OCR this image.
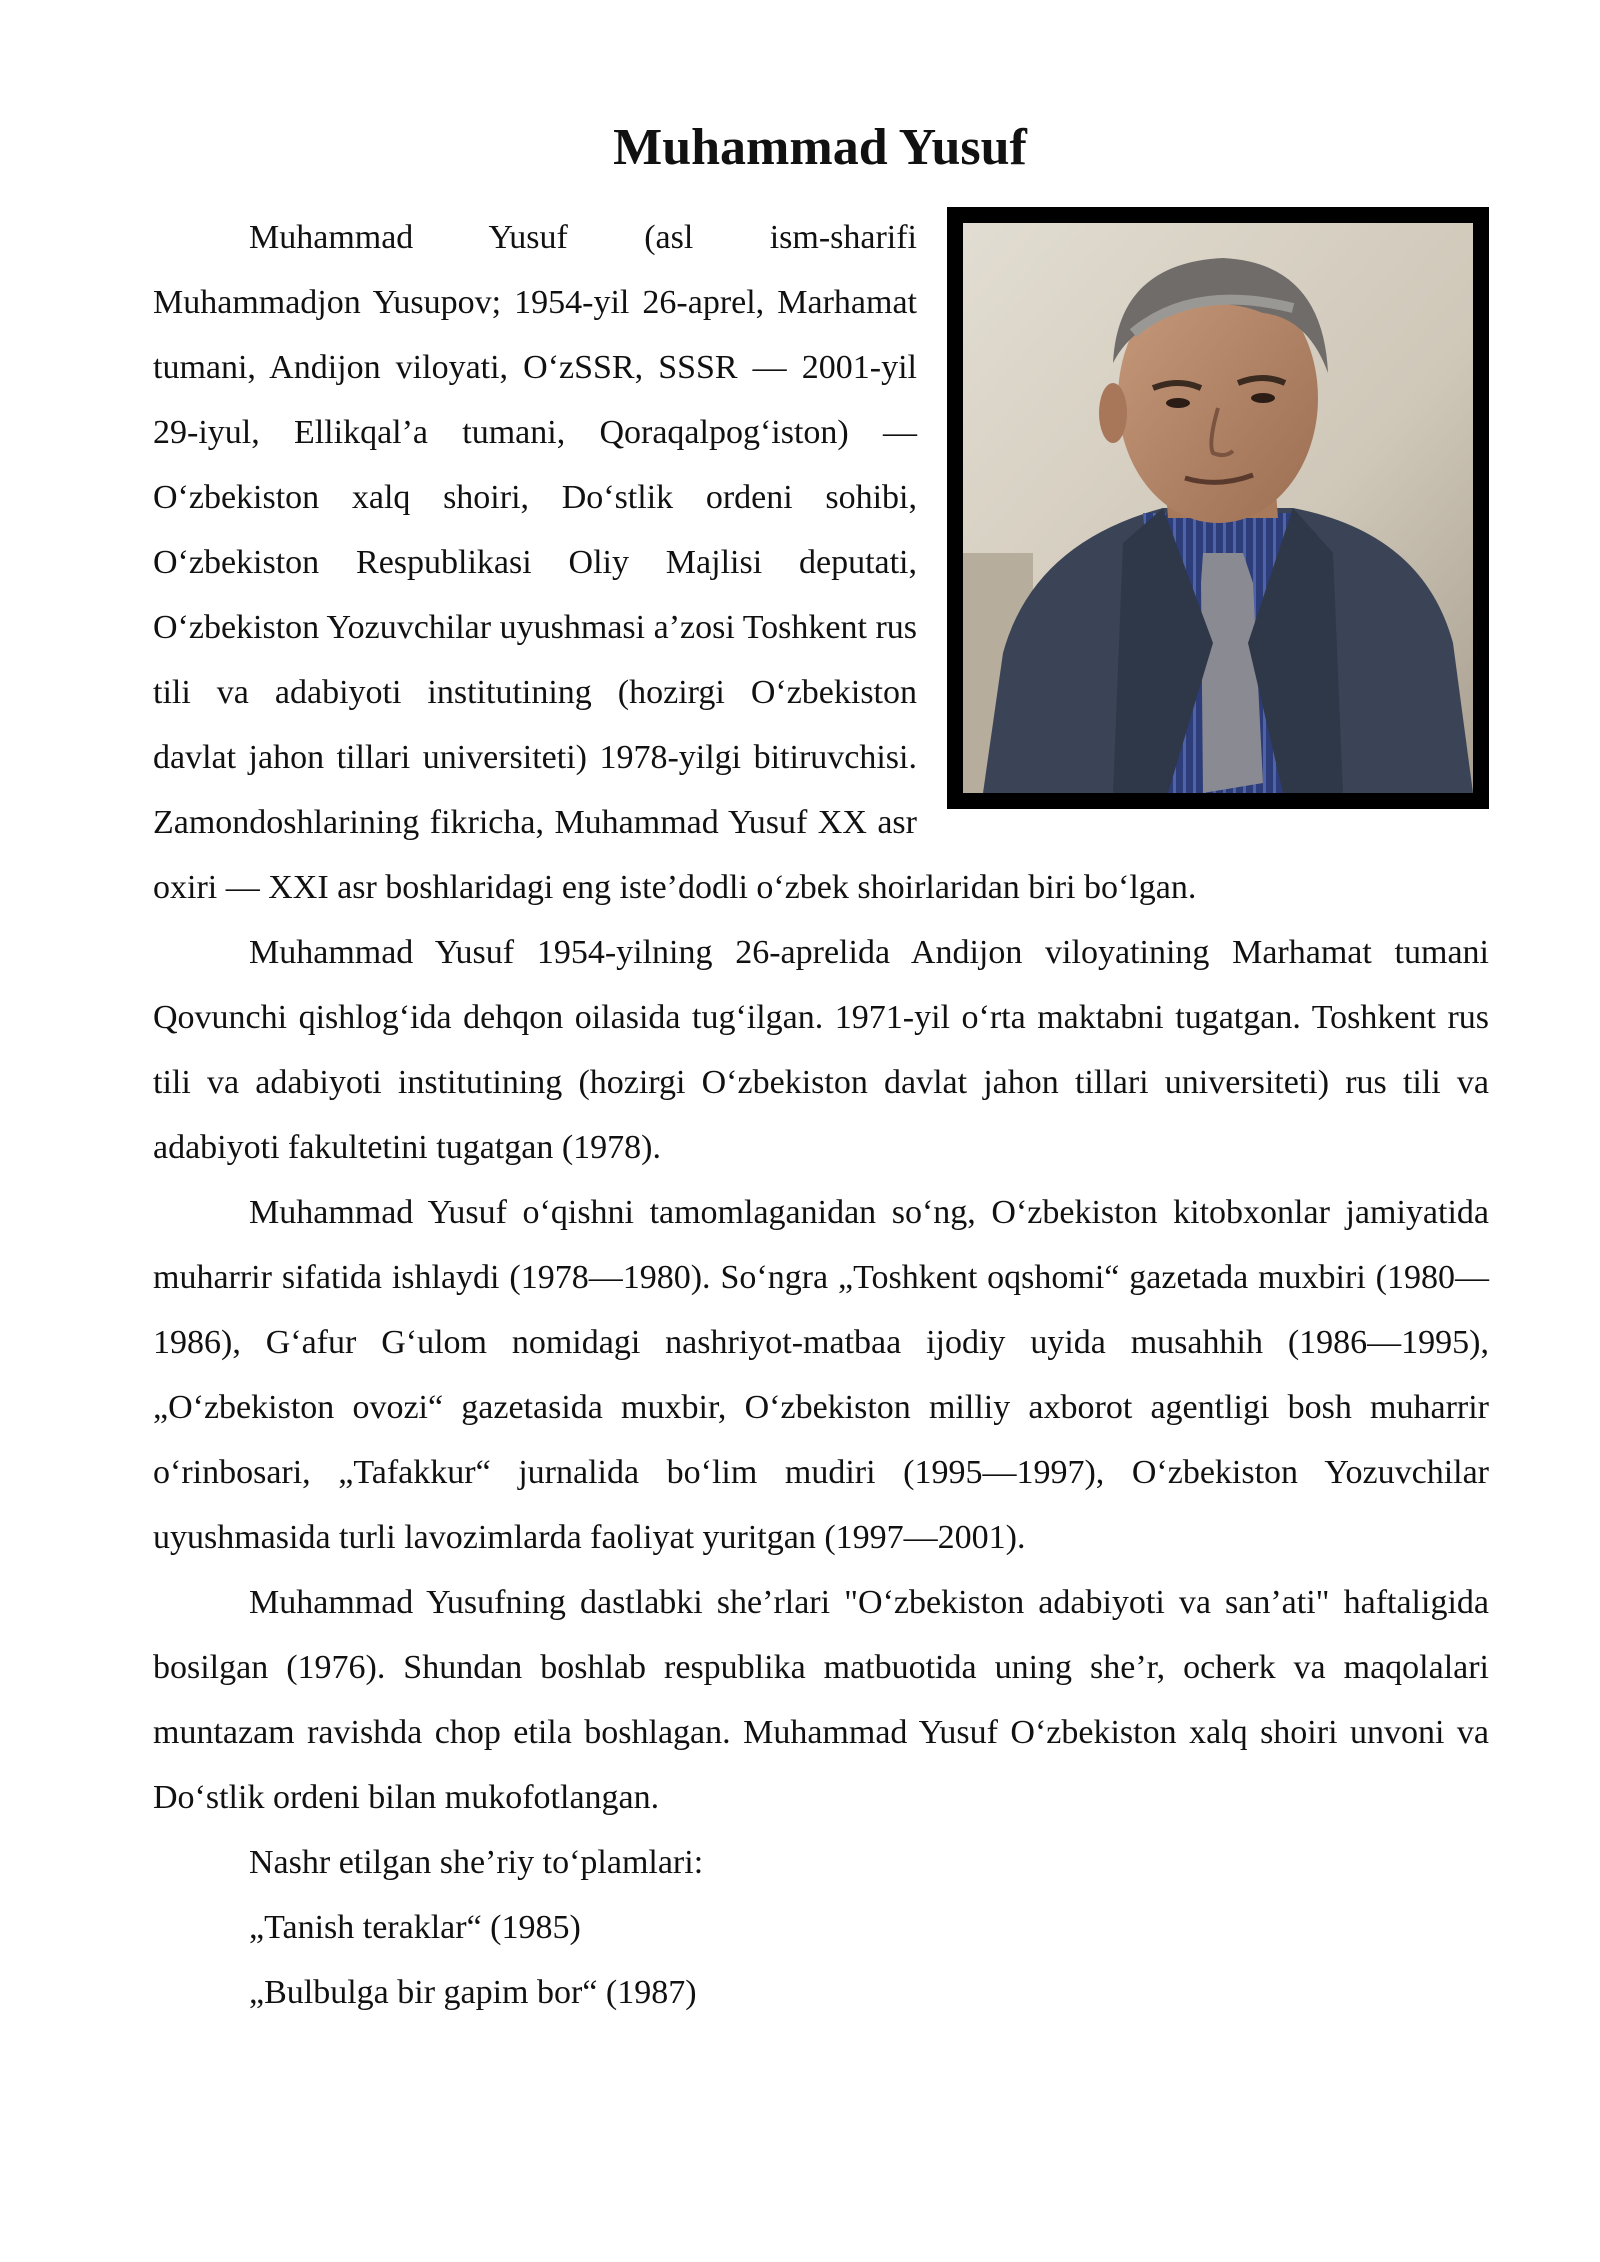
Muhammad Yusuf

Muhammad Yusuf (asl ism-sharifi Muhammadjon Yusupov; 1954-yil 26-aprel, Marhamat tumani, Andijon viloyati, O‘zSSR, SSSR — 2001-yil 29-iyul, Ellikqal’a tumani, Qoraqalpog‘iston) — O‘zbekiston xalq shoiri, Do‘stlik ordeni sohibi, O‘zbekiston Respublikasi Oliy Majlisi deputati, O‘zbekiston Yozuvchilar uyushmasi a’zosi Toshkent rus tili va adabiyoti institutining (hozirgi O‘zbekiston davlat jahon tillari universiteti) 1978-yilgi bitiruvchisi. Zamondoshlarining fikricha, Muhammad Yusuf XX asr oxiri — XXI asr boshlaridagi eng iste’dodli o‘zbek shoirlaridan biri bo‘lgan.

Muhammad Yusuf 1954-yilning 26-aprelida Andijon viloyatining Marhamat tumani Qovunchi qishlog‘ida dehqon oilasida tug‘ilgan. 1971-yil o‘rta maktabni tugatgan. Toshkent rus tili va adabiyoti institutining (hozirgi O‘zbekiston davlat jahon tillari universiteti) rus tili va adabiyoti fakultetini tugatgan (1978).

Muhammad Yusuf o‘qishni tamomlaganidan so‘ng, O‘zbekiston kitobxonlar jamiyatida muharrir sifatida ishlaydi (1978—1980). So‘ngra „Toshkent oqshomi“ gazetada muxbiri (1980—1986), G‘afur G‘ulom nomidagi nashriyot-matbaa ijodiy uyida musahhih (1986—1995), „O‘zbekiston ovozi“ gazetasida muxbir, O‘zbekiston milliy axborot agentligi bosh muharrir o‘rinbosari, „Tafakkur“ jurnalida bo‘lim mudiri (1995—1997), O‘zbekiston Yozuvchilar uyushmasida turli lavozimlarda faoliyat yuritgan (1997—2001).

Muhammad Yusufning dastlabki she’rlari "O‘zbekiston adabiyoti va san’ati" haftaligida bosilgan (1976). Shundan boshlab respublika matbuotida uning she’r, ocherk va maqolalari muntazam ravishda chop etila boshlagan. Muhammad Yusuf O‘zbekiston xalq shoiri unvoni va Do‘stlik ordeni bilan mukofotlangan.

Nashr etilgan she’riy to‘plamlari:

„Tanish teraklar“ (1985)

„Bulbulga bir gapim bor“ (1987)
